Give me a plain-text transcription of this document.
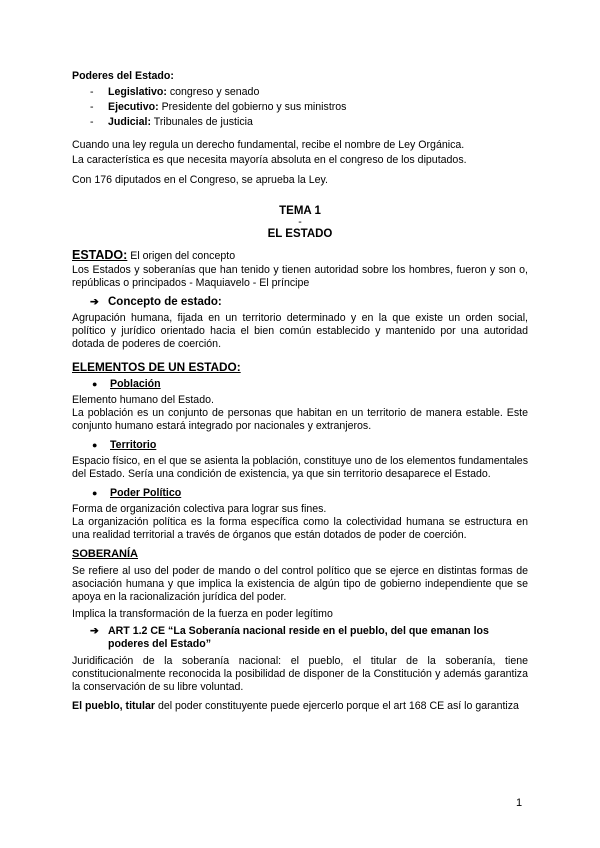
Poderes del Estado:

- Legislativo: congreso y senado
- Ejecutivo: Presidente del gobierno y sus ministros
- Judicial: Tribunales de justicia

Cuando una ley regula un derecho fundamental, recibe el nombre de Ley Orgánica.

La característica es que necesita mayoría absoluta en el congreso de los diputados.

Con 176 diputados en el Congreso, se aprueba la Ley.

TEMA 1

-

EL ESTADO

ESTADO: El origen del concepto

Los Estados y soberanías que han tenido y tienen autoridad sobre los hombres, fueron y son o, repúblicas o principados - Maquiavelo - El príncipe

➔ Concepto de estado:

Agrupación humana, fijada en un territorio determinado y en la que existe un orden social, político y jurídico orientado hacia el bien común establecido y mantenido por una autoridad dotada de poderes de coerción.

ELEMENTOS DE UN ESTADO:

●	Población

Elemento humano del Estado.

La población es un conjunto de personas que habitan en un territorio de manera estable. Este conjunto humano estará integrado por nacionales y extranjeros.

●	Territorio

Espacio físico, en el que se asienta la población, constituye uno de los elementos fundamentales del Estado. Sería una condición de existencia, ya que sin territorio desaparece el Estado.

●	Poder Político

Forma de organización colectiva para lograr sus fines.

La organización política es la forma específica como la colectividad humana se estructura en una realidad territorial a través de órganos que están dotados de poder de coerción.

SOBERANÍA

Se refiere al uso del poder de mando o del control político que se ejerce en distintas formas de asociación humana y que implica la existencia de algún tipo de gobierno independiente que se apoya en la racionalización jurídica del poder.

Implica la transformación de la fuerza en poder legítimo

➔ ART 1.2 CE “La Soberanía nacional reside en el pueblo, del que emanan los poderes del Estado”

Juridificación de la soberanía nacional: el pueblo, el titular de la soberanía, tiene constitucionalmente reconocida la posibilidad de disponer de la Constitución y además garantiza la conservación de su libre voluntad.

El pueblo, titular del poder constituyente puede ejercerlo porque el art 168 CE así lo garantiza

1
